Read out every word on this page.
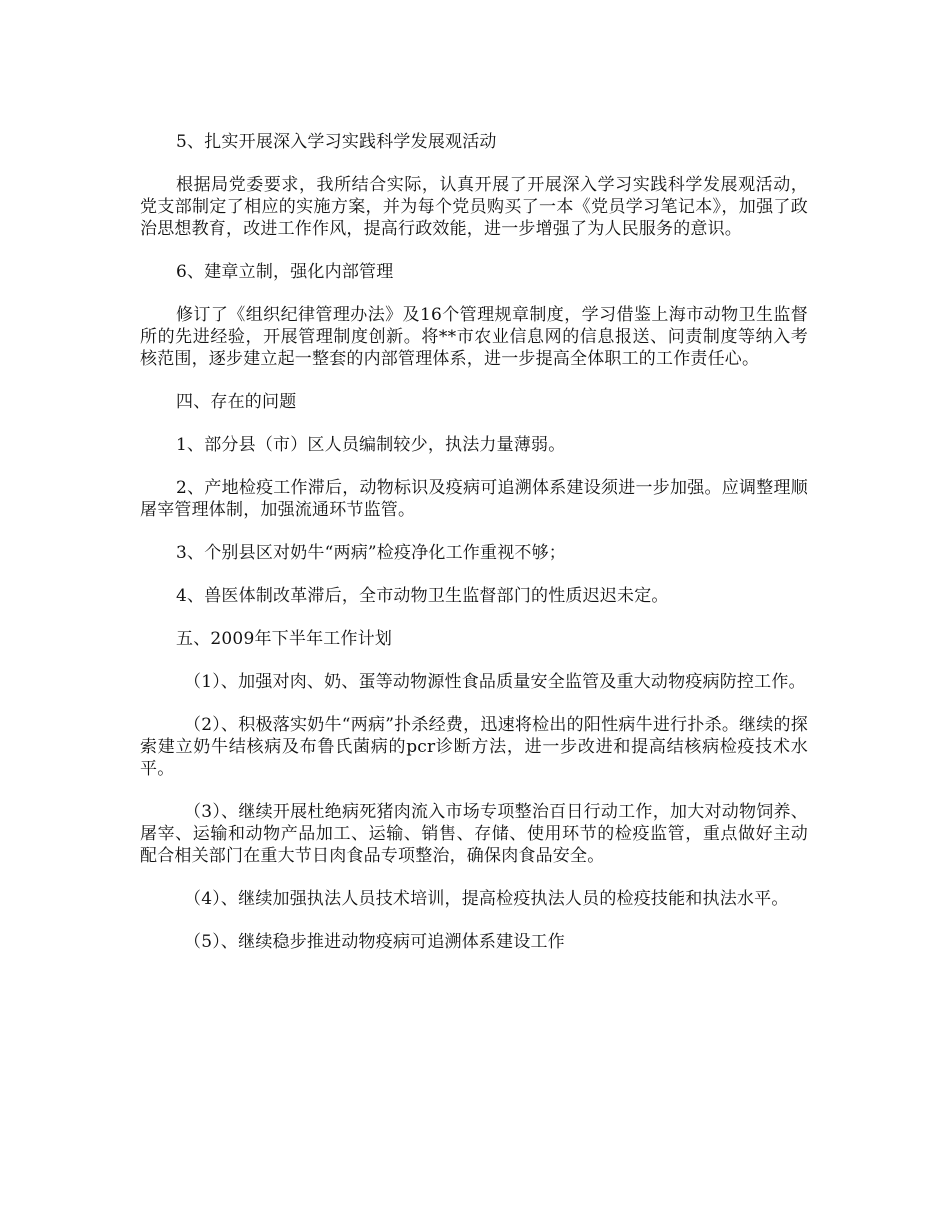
5、扎实开展深入学习实践科学发展观活动

根据局党委要求，我所结合实际，认真开展了开展深入学习实践科学发展观活动，党支部制定了相应的实施方案，并为每个党员购买了一本《党员学习笔记本》，加强了政治思想教育，改进工作作风，提高行政效能，进一步增强了为人民服务的意识。

6、建章立制，强化内部管理

修订了《组织纪律管理办法》及16个管理规章制度，学习借鉴上海市动物卫生监督所的先进经验，开展管理制度创新。将**市农业信息网的信息报送、问责制度等纳入考核范围，逐步建立起一整套的内部管理体系，进一步提高全体职工的工作责任心。

四、存在的问题

1、部分县（市）区人员编制较少，执法力量薄弱。

2、产地检疫工作滞后，动物标识及疫病可追溯体系建设须进一步加强。应调整理顺屠宰管理体制，加强流通环节监管。

3、个别县区对奶牛“两病”检疫净化工作重视不够；

4、兽医体制改革滞后，全市动物卫生监督部门的性质迟迟未定。

五、2009年下半年工作计划

（1）、加强对肉、奶、蛋等动物源性食品质量安全监管及重大动物疫病防控工作。

（2）、积极落实奶牛“两病”扑杀经费，迅速将检出的阳性病牛进行扑杀。继续的探索建立奶牛结核病及布鲁氏菌病的pcr诊断方法，进一步改进和提高结核病检疫技术水平。

（3）、继续开展杜绝病死猪肉流入市场专项整治百日行动工作，加大对动物饲养、屠宰、运输和动物产品加工、运输、销售、存储、使用环节的检疫监管，重点做好主动配合相关部门在重大节日肉食品专项整治，确保肉食品安全。

（4）、继续加强执法人员技术培训，提高检疫执法人员的检疫技能和执法水平。

（5）、继续稳步推进动物疫病可追溯体系建设工作
